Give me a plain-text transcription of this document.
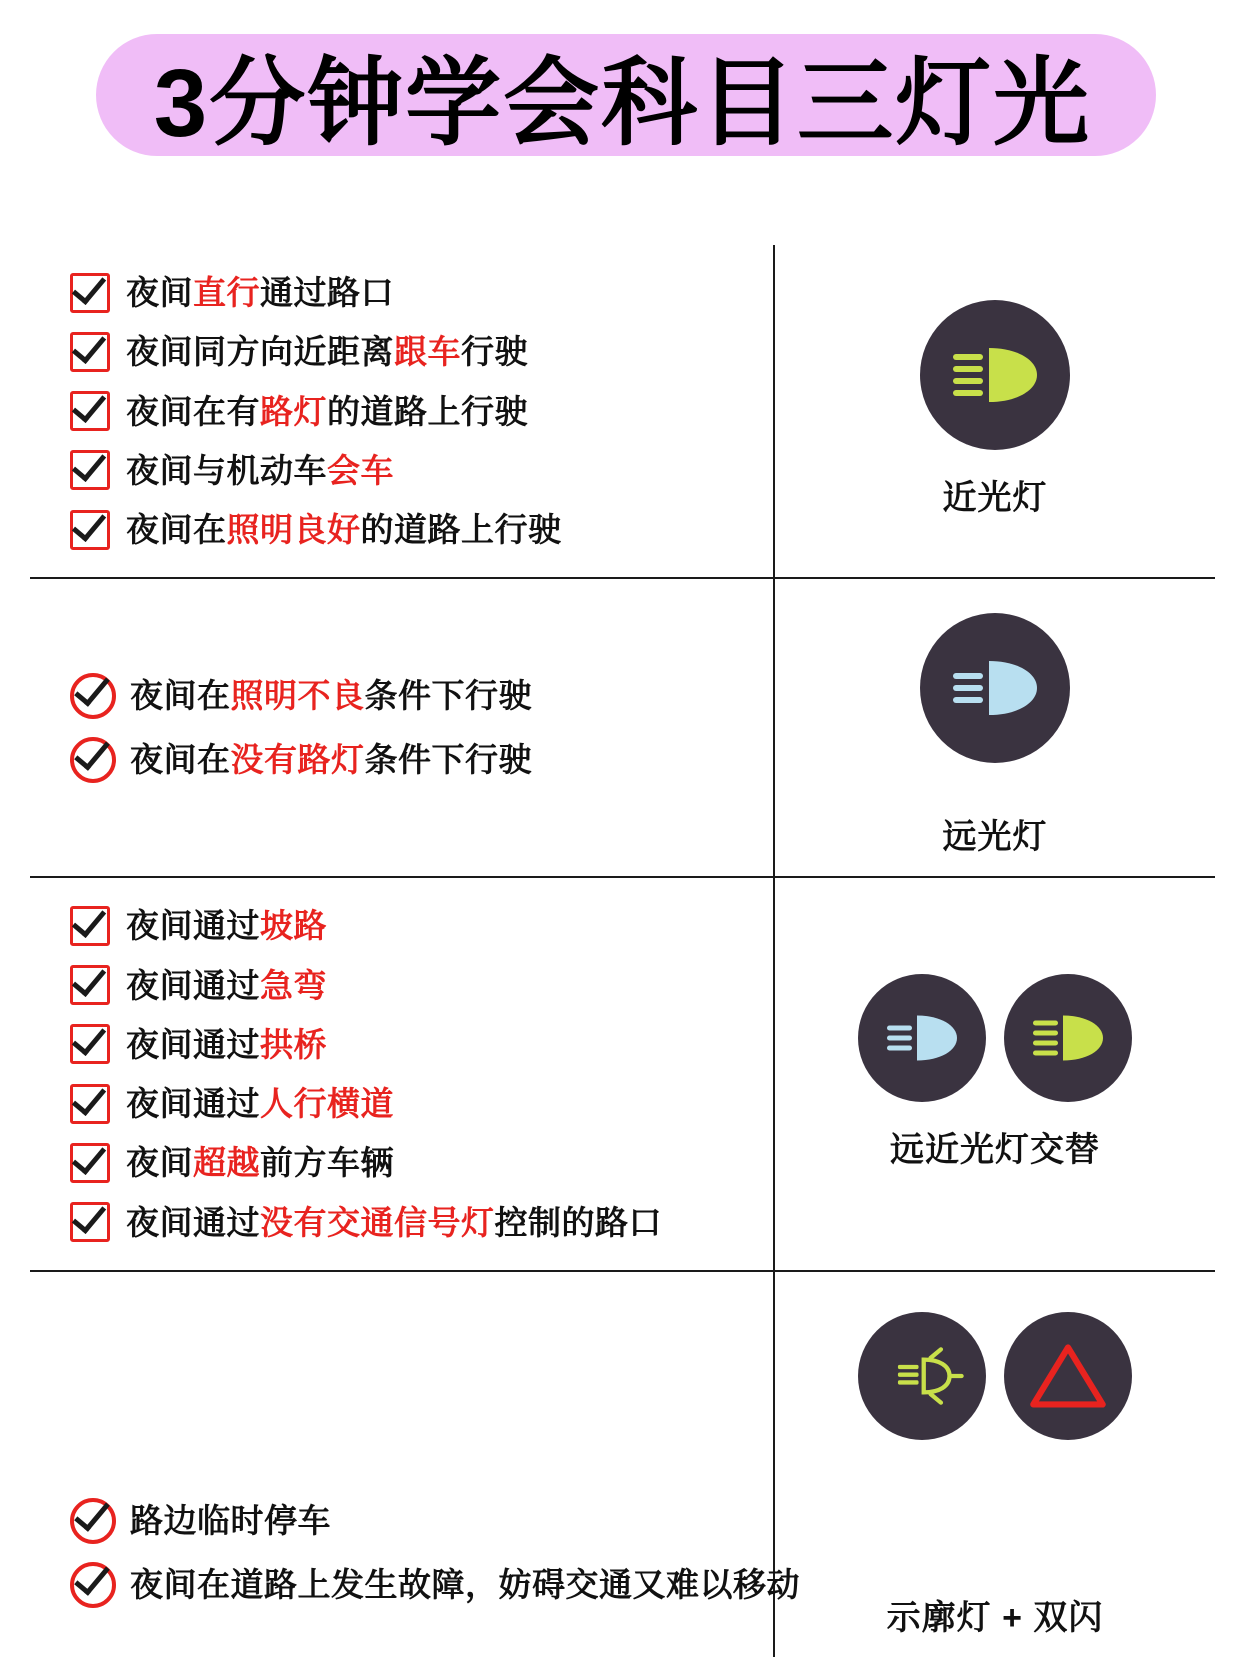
3分钟学会科目三灯光
夜间直行通过路口
夜间同方向近距离跟车行驶
夜间在有路灯的道路上行驶
夜间与机动车会车
夜间在照明良好的道路上行驶
近光灯
夜间在照明不良条件下行驶
夜间在没有路灯条件下行驶
远光灯
夜间通过坡路
夜间通过急弯
夜间通过拱桥
夜间通过人行横道
夜间超越前方车辆
夜间通过没有交通信号灯控制的路口
远近光灯交替
路边临时停车
夜间在道路上发生故障，妨碍交通又难以移动
示廓灯 + 双闪
